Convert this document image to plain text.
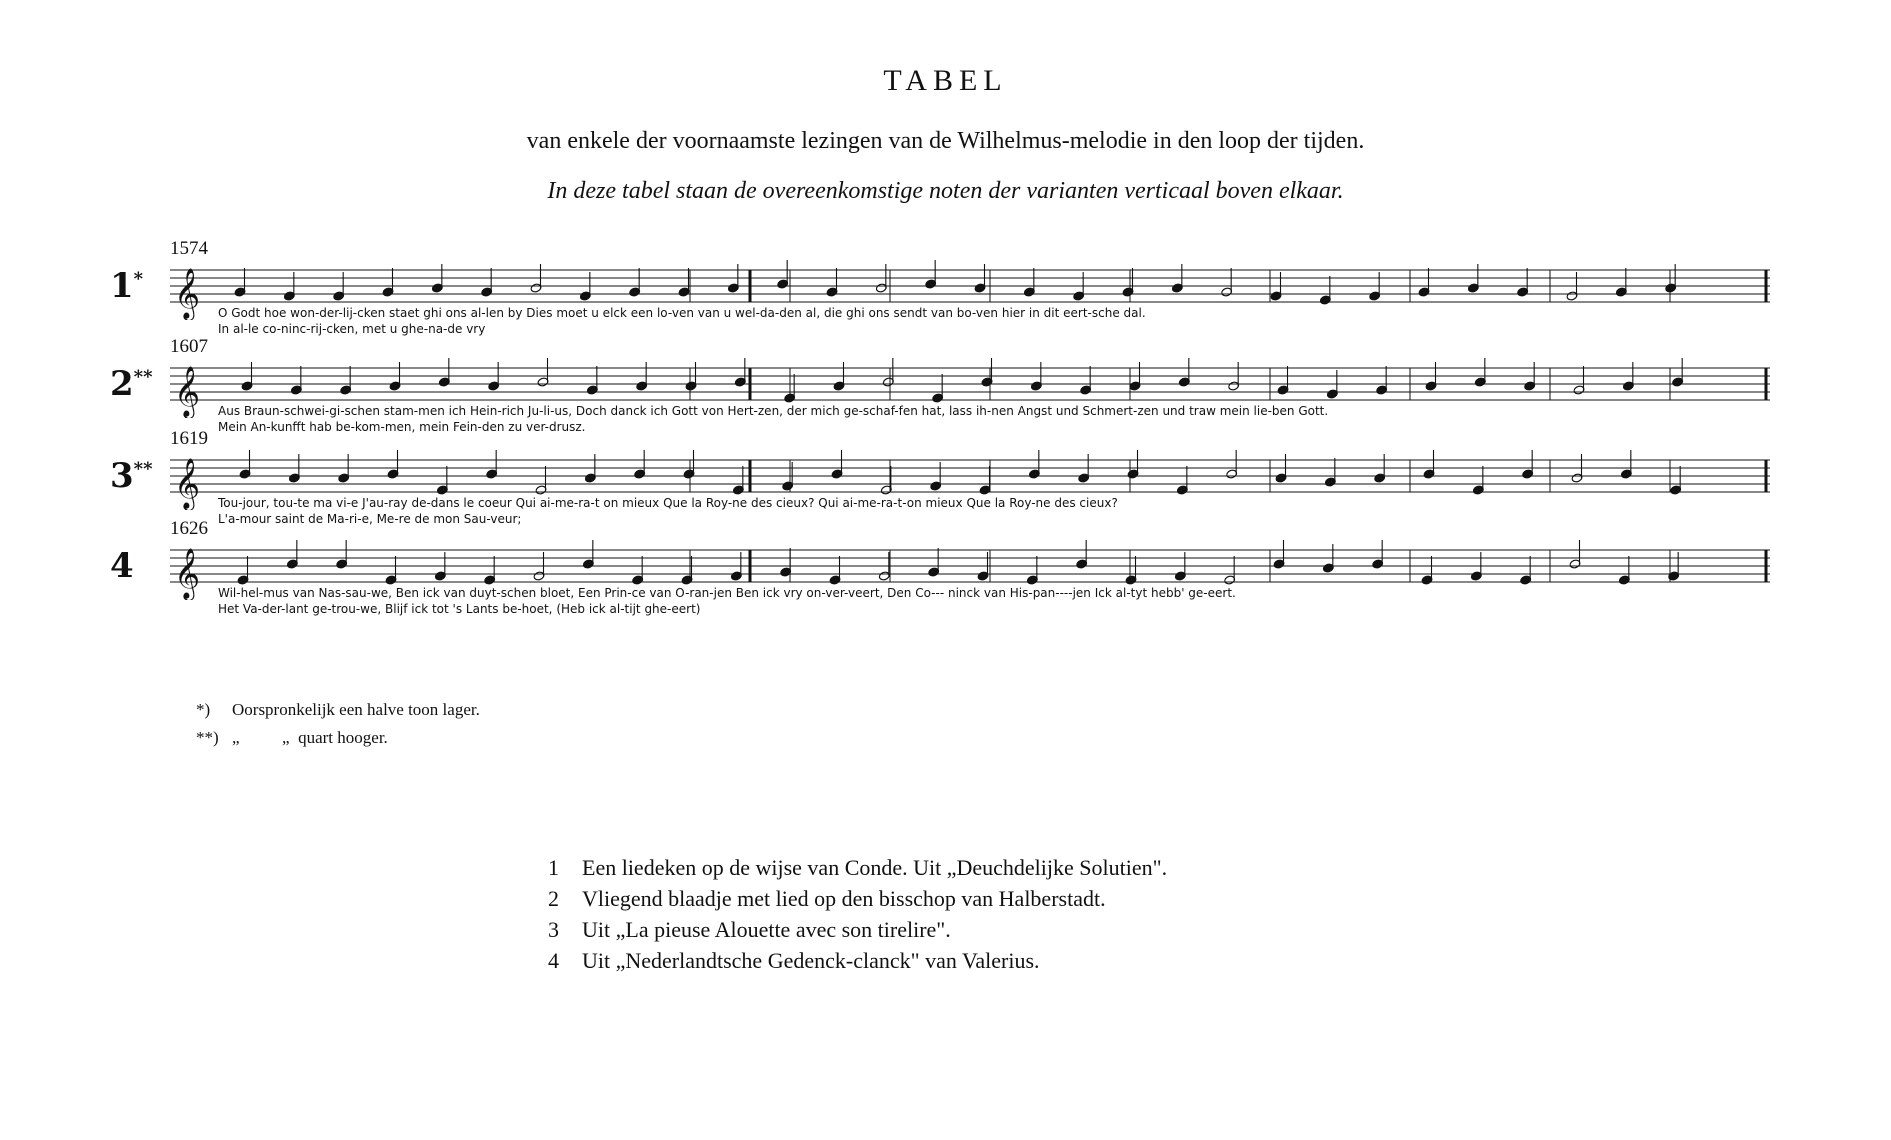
TABEL
van enkele der voornaamste lezingen van de Wilhelmus-melodie in den loop der tijden.
In deze tabel staan de overeenkomstige noten der varianten verticaal boven elkaar.
1574
1* 𝄞 O Godt hoe won-der-lij-cken staet ghi ons al-len by Dies moet u elck een lo-ven van u wel-da-den al, die ghi ons sendt van bo-ven hier in dit eert-sche dal.
In al-le co-ninc-rij-cken, met u ghe-na-de vry
1607
2** 𝄞 Aus Braun-schwei-gi-schen stam-men ich Hein-rich Ju-li-us, Doch danck ich Gott von Hert-zen, der mich ge-schaf-fen hat, lass ih-nen Angst und Schmert-zen und traw mein lie-ben Gott.
Mein An-kunfft hab be-kom-men, mein Fein-den zu ver-drusz.
1619
3** 𝄞 Tou-jour, tou-te ma vi-e J'au-ray de-dans le coeur Qui ai-me-ra-t on mieux Que la Roy-ne des cieux? Qui ai-me-ra-t-on mieux Que la Roy-ne des cieux?
L'a-mour saint de Ma-ri-e, Me-re de mon Sau-veur;
1626
4 𝄞 Wil-hel-mus van Nas-sau-we, Ben ick van duyt-schen bloet, Een Prin-ce van O-ran-jen Ben ick vry on-ver-veert, Den Co--- ninck van His-pan----jen Ick al-tyt hebb' ge-eert.
Het Va-der-lant ge-trou-we, Blijf ick tot 's Lants be-hoet, (Heb ick al-tijt ghe-eert)
*) Oorspronkelijk een halve toon lager.
**) „          „  quart hooger.
1 Een liedeken op de wijse van Conde. Uit „Deuchdelijke Solutien".
2 Vliegend blaadje met lied op den bisschop van Halberstadt.
3 Uit „La pieuse Alouette avec son tirelire".
4 Uit „Nederlandtsche Gedenck-clanck" van Valerius.
